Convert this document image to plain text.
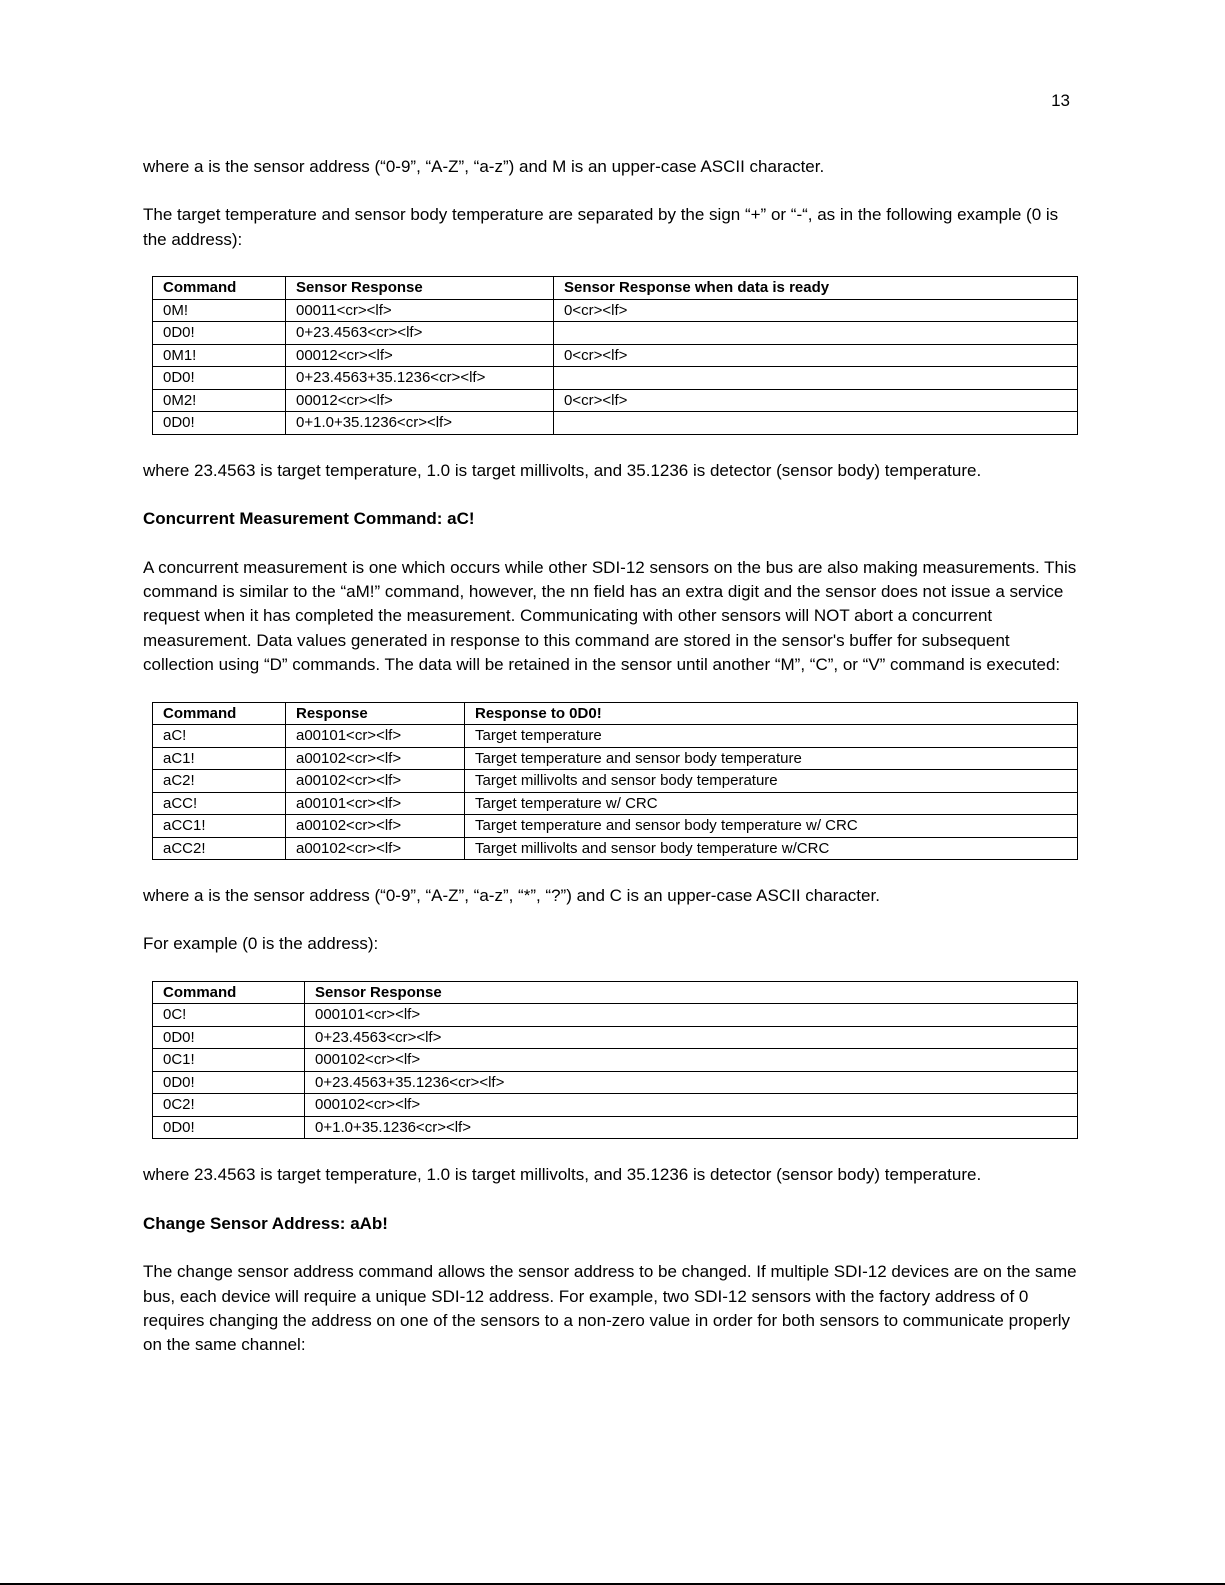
13

where a is the sensor address (“0-9”, “A-Z”, “a-z”) and M is an upper-case ASCII character.

The target temperature and sensor body temperature are separated by the sign “+” or “-“, as in the following example (0 is the address):

Command	Sensor Response	Sensor Response when data is ready
0M!	00011<cr><lf>	0<cr><lf>
0D0!	0+23.4563<cr><lf>	
0M1!	00012<cr><lf>	0<cr><lf>
0D0!	0+23.4563+35.1236<cr><lf>	
0M2!	00012<cr><lf>	0<cr><lf>
0D0!	0+1.0+35.1236<cr><lf>	

where 23.4563 is target temperature, 1.0 is target millivolts, and 35.1236 is detector (sensor body) temperature.

Concurrent Measurement Command: aC!

A concurrent measurement is one which occurs while other SDI-12 sensors on the bus are also making measurements. This command is similar to the “aM!” command, however, the nn field has an extra digit and the sensor does not issue a service request when it has completed the measurement. Communicating with other sensors will NOT abort a concurrent measurement. Data values generated in response to this command are stored in the sensor's buffer for subsequent collection using “D” commands. The data will be retained in the sensor until another “M”, “C”, or “V” command is executed:

Command	Response	Response to 0D0!
aC!	a00101<cr><lf>	Target temperature
aC1!	a00102<cr><lf>	Target temperature and sensor body temperature
aC2!	a00102<cr><lf>	Target millivolts and sensor body temperature
aCC!	a00101<cr><lf>	Target temperature w/ CRC
aCC1!	a00102<cr><lf>	Target temperature and sensor body temperature w/ CRC
aCC2!	a00102<cr><lf>	Target millivolts and sensor body temperature w/CRC

where a is the sensor address (“0-9”, “A-Z”, “a-z”, “*”, “?”) and C is an upper-case ASCII character.

For example (0 is the address):

Command	Sensor Response
0C!	000101<cr><lf>
0D0!	0+23.4563<cr><lf>
0C1!	000102<cr><lf>
0D0!	0+23.4563+35.1236<cr><lf>
0C2!	000102<cr><lf>
0D0!	0+1.0+35.1236<cr><lf>

where 23.4563 is target temperature, 1.0 is target millivolts, and 35.1236 is detector (sensor body) temperature.

Change Sensor Address: aAb!

The change sensor address command allows the sensor address to be changed. If multiple SDI-12 devices are on the same bus, each device will require a unique SDI-12 address. For example, two SDI-12 sensors with the factory address of 0 requires changing the address on one of the sensors to a non-zero value in order for both sensors to communicate properly on the same channel:
